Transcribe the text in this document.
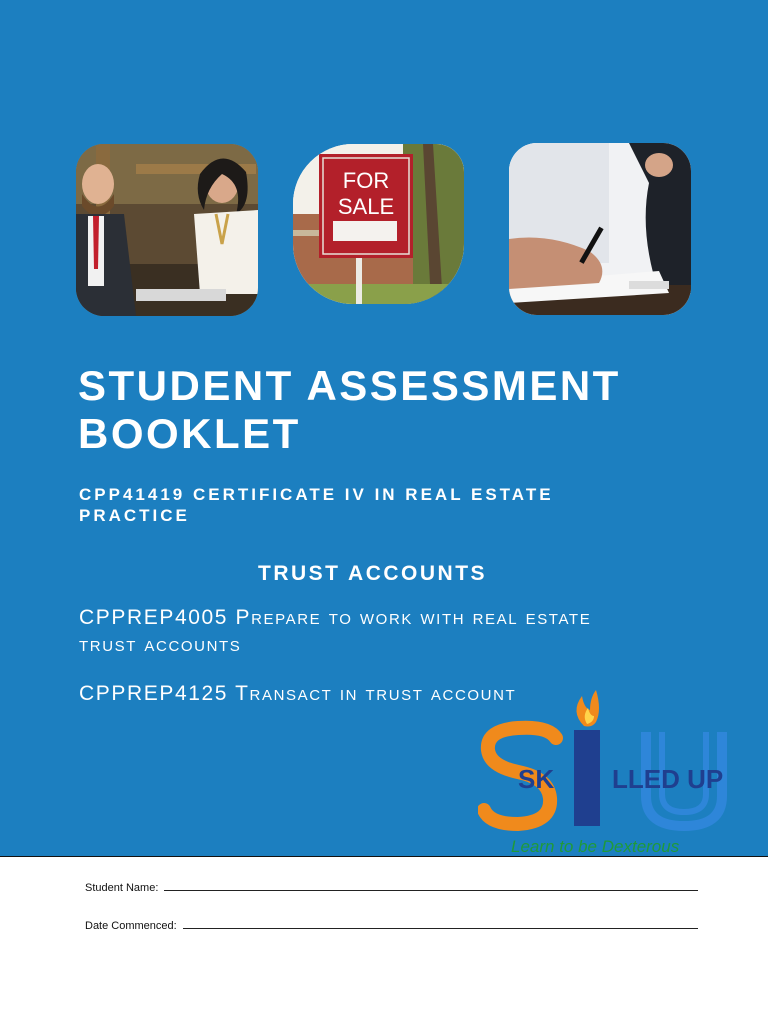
FOR
SALE
STUDENT ASSESSMENT BOOKLET
CPP41419 CERTIFICATE IV IN REAL ESTATE PRACTICE
TRUST ACCOUNTS
CPPREP4005 Prepare to work with real estate trust accounts
CPPREP4125 Transact in trust account
SK LLED UP
Learn to be Dexterous
Student Name:
Date Commenced:
